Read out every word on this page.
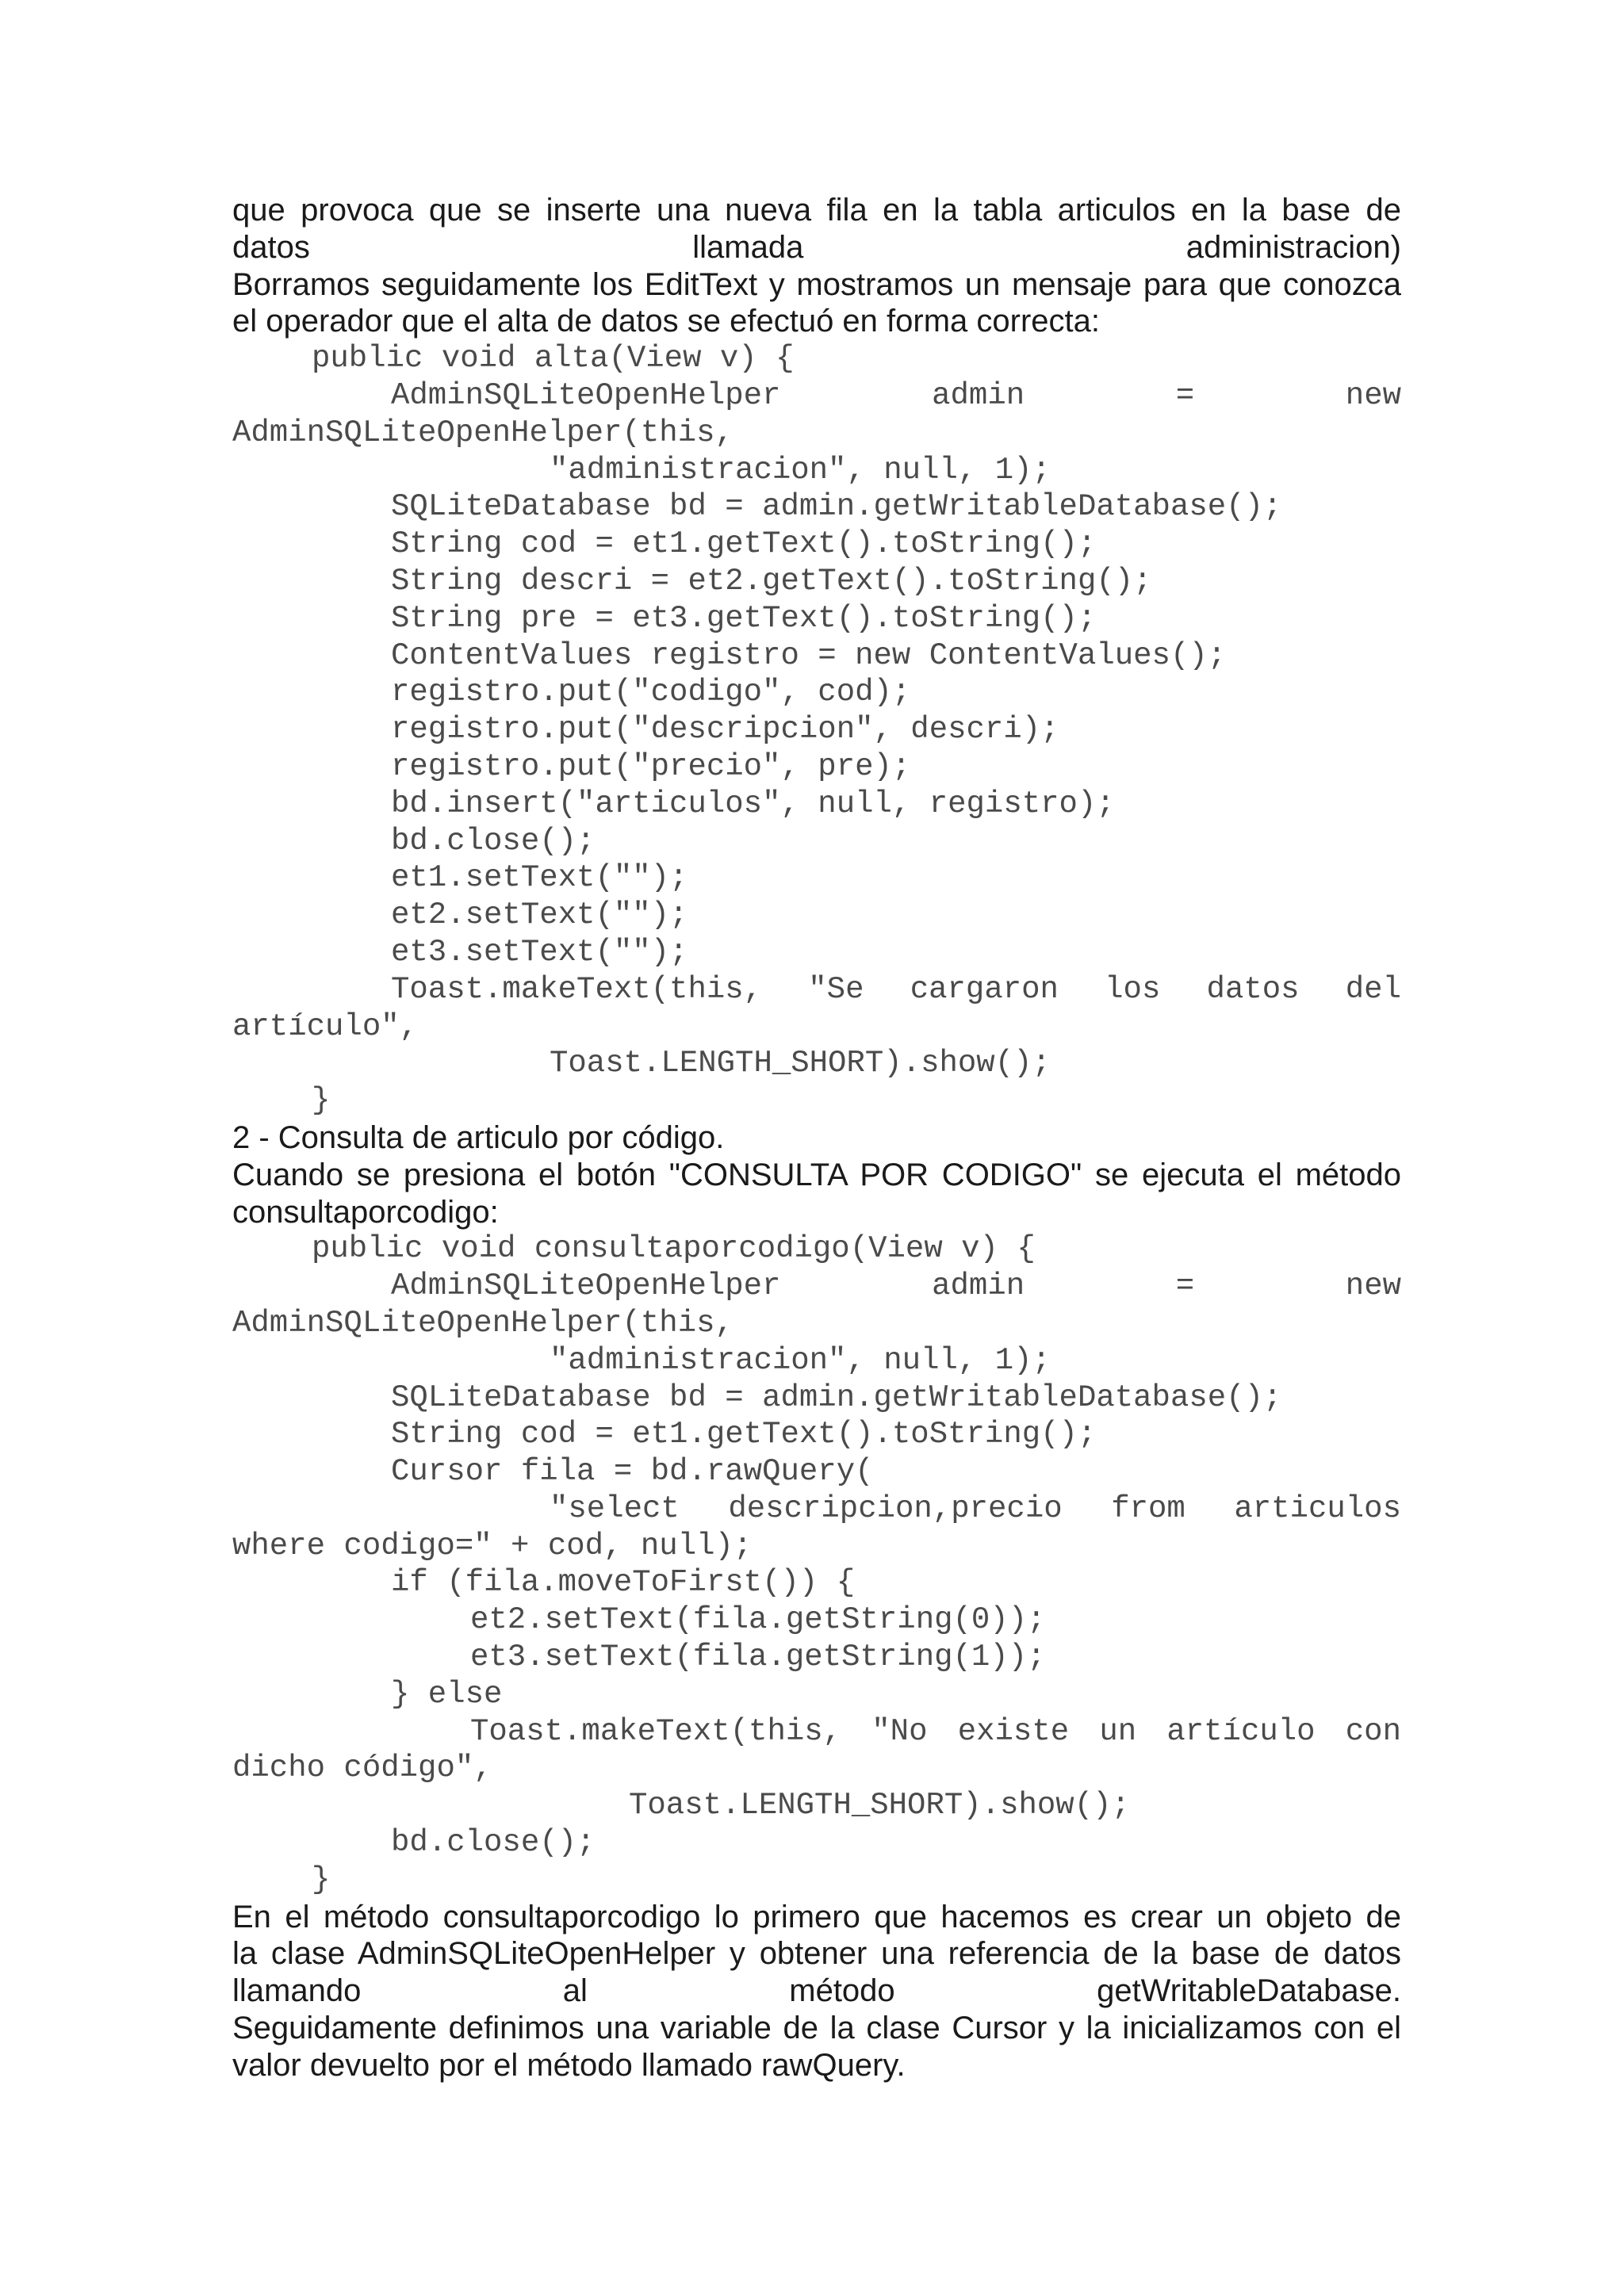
que provoca que se inserte una nueva fila en la tabla articulos en la base de

datos llamada administracion)

Borramos seguidamente los EditText y mostramos un mensaje para que conozca

el operador que el alta de datos se efectuó en forma correcta:

public void alta(View v) {

AdminSQLiteOpenHelper admin = new

AdminSQLiteOpenHelper(this,

"administracion", null, 1);

SQLiteDatabase bd = admin.getWritableDatabase();

String cod = et1.getText().toString();

String descri = et2.getText().toString();

String pre = et3.getText().toString();

ContentValues registro = new ContentValues();

registro.put("codigo", cod);

registro.put("descripcion", descri);

registro.put("precio", pre);

bd.insert("articulos", null, registro);

bd.close();

et1.setText("");

et2.setText("");

et3.setText("");

Toast.makeText(this, "Se cargaron los datos del

artículo",

Toast.LENGTH_SHORT).show();

}

2 - Consulta de articulo por código.

Cuando se presiona el botón "CONSULTA POR CODIGO" se ejecuta el método

consultaporcodigo:

public void consultaporcodigo(View v) {

AdminSQLiteOpenHelper admin = new

AdminSQLiteOpenHelper(this,

"administracion", null, 1);

SQLiteDatabase bd = admin.getWritableDatabase();

String cod = et1.getText().toString();

Cursor fila = bd.rawQuery(

"select descripcion,precio from articulos

where codigo=" + cod, null);

if (fila.moveToFirst()) {

et2.setText(fila.getString(0));

et3.setText(fila.getString(1));

} else

Toast.makeText(this, "No existe un artículo con

dicho código",

Toast.LENGTH_SHORT).show();

bd.close();

}

En el método consultaporcodigo lo primero que hacemos es crear un objeto de

la clase AdminSQLiteOpenHelper y obtener una referencia de la base de datos

llamando al método getWritableDatabase.

Seguidamente definimos una variable de la clase Cursor y la inicializamos con el

valor devuelto por el método llamado rawQuery.
